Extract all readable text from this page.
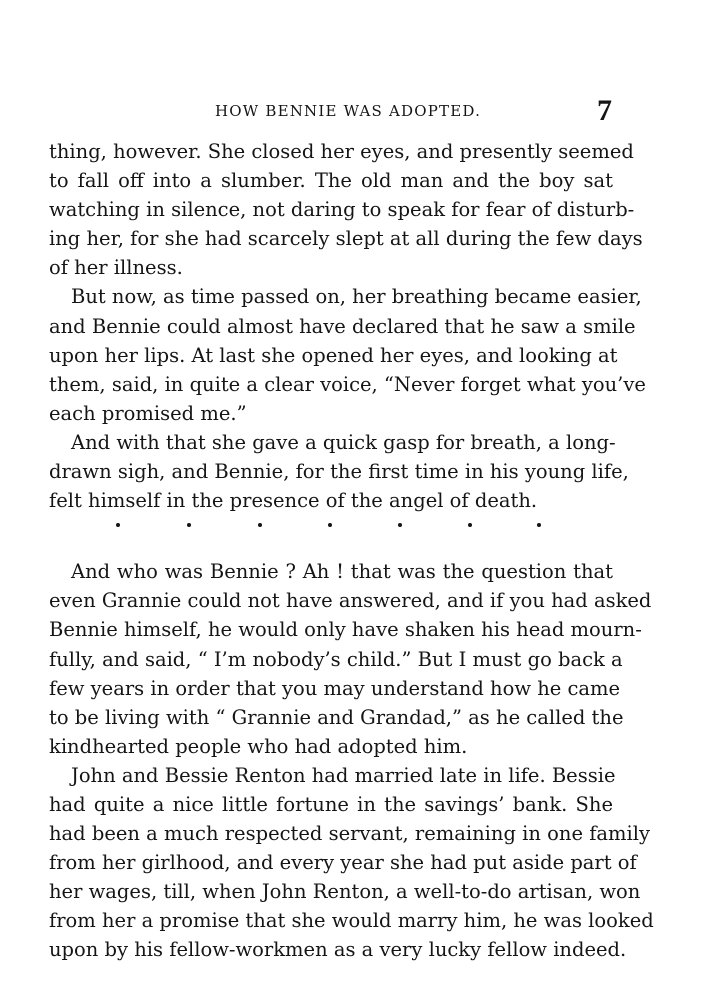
HOW BENNIE WAS ADOPTED.	7
thing, however. She closed her eyes, and presently seemed
to fall off into a slumber. The old man and the boy sat
watching in silence, not daring to speak for fear of disturb-
ing her, for she had scarcely slept at all during the few days
of her illness.
But now, as time passed on, her breathing became easier,
and Bennie could almost have declared that he saw a smile
upon her lips. At last she opened her eyes, and looking at
them, said, in quite a clear voice, “Never forget what you’ve
each promised me.”
And with that she gave a quick gasp for breath, a long-
drawn sigh, and Bennie, for the first time in his young life,
felt himself in the presence of the angel of death.
And who was Bennie ? Ah ! that was the question that
even Grannie could not have answered, and if you had asked
Bennie himself, he would only have shaken his head mourn-
fully, and said, “ I’m nobody’s child.” But I must go back a
few years in order that you may understand how he came
to be living with “ Grannie and Grandad,” as he called the
kindhearted people who had adopted him.
John and Bessie Renton had married late in life. Bessie
had quite a nice little fortune in the savings’ bank. She
had been a much respected servant, remaining in one family
from her girlhood, and every year she had put aside part of
her wages, till, when John Renton, a well-to-do artisan, won
from her a promise that she would marry him, he was looked
upon by his fellow-workmen as a very lucky fellow indeed.
